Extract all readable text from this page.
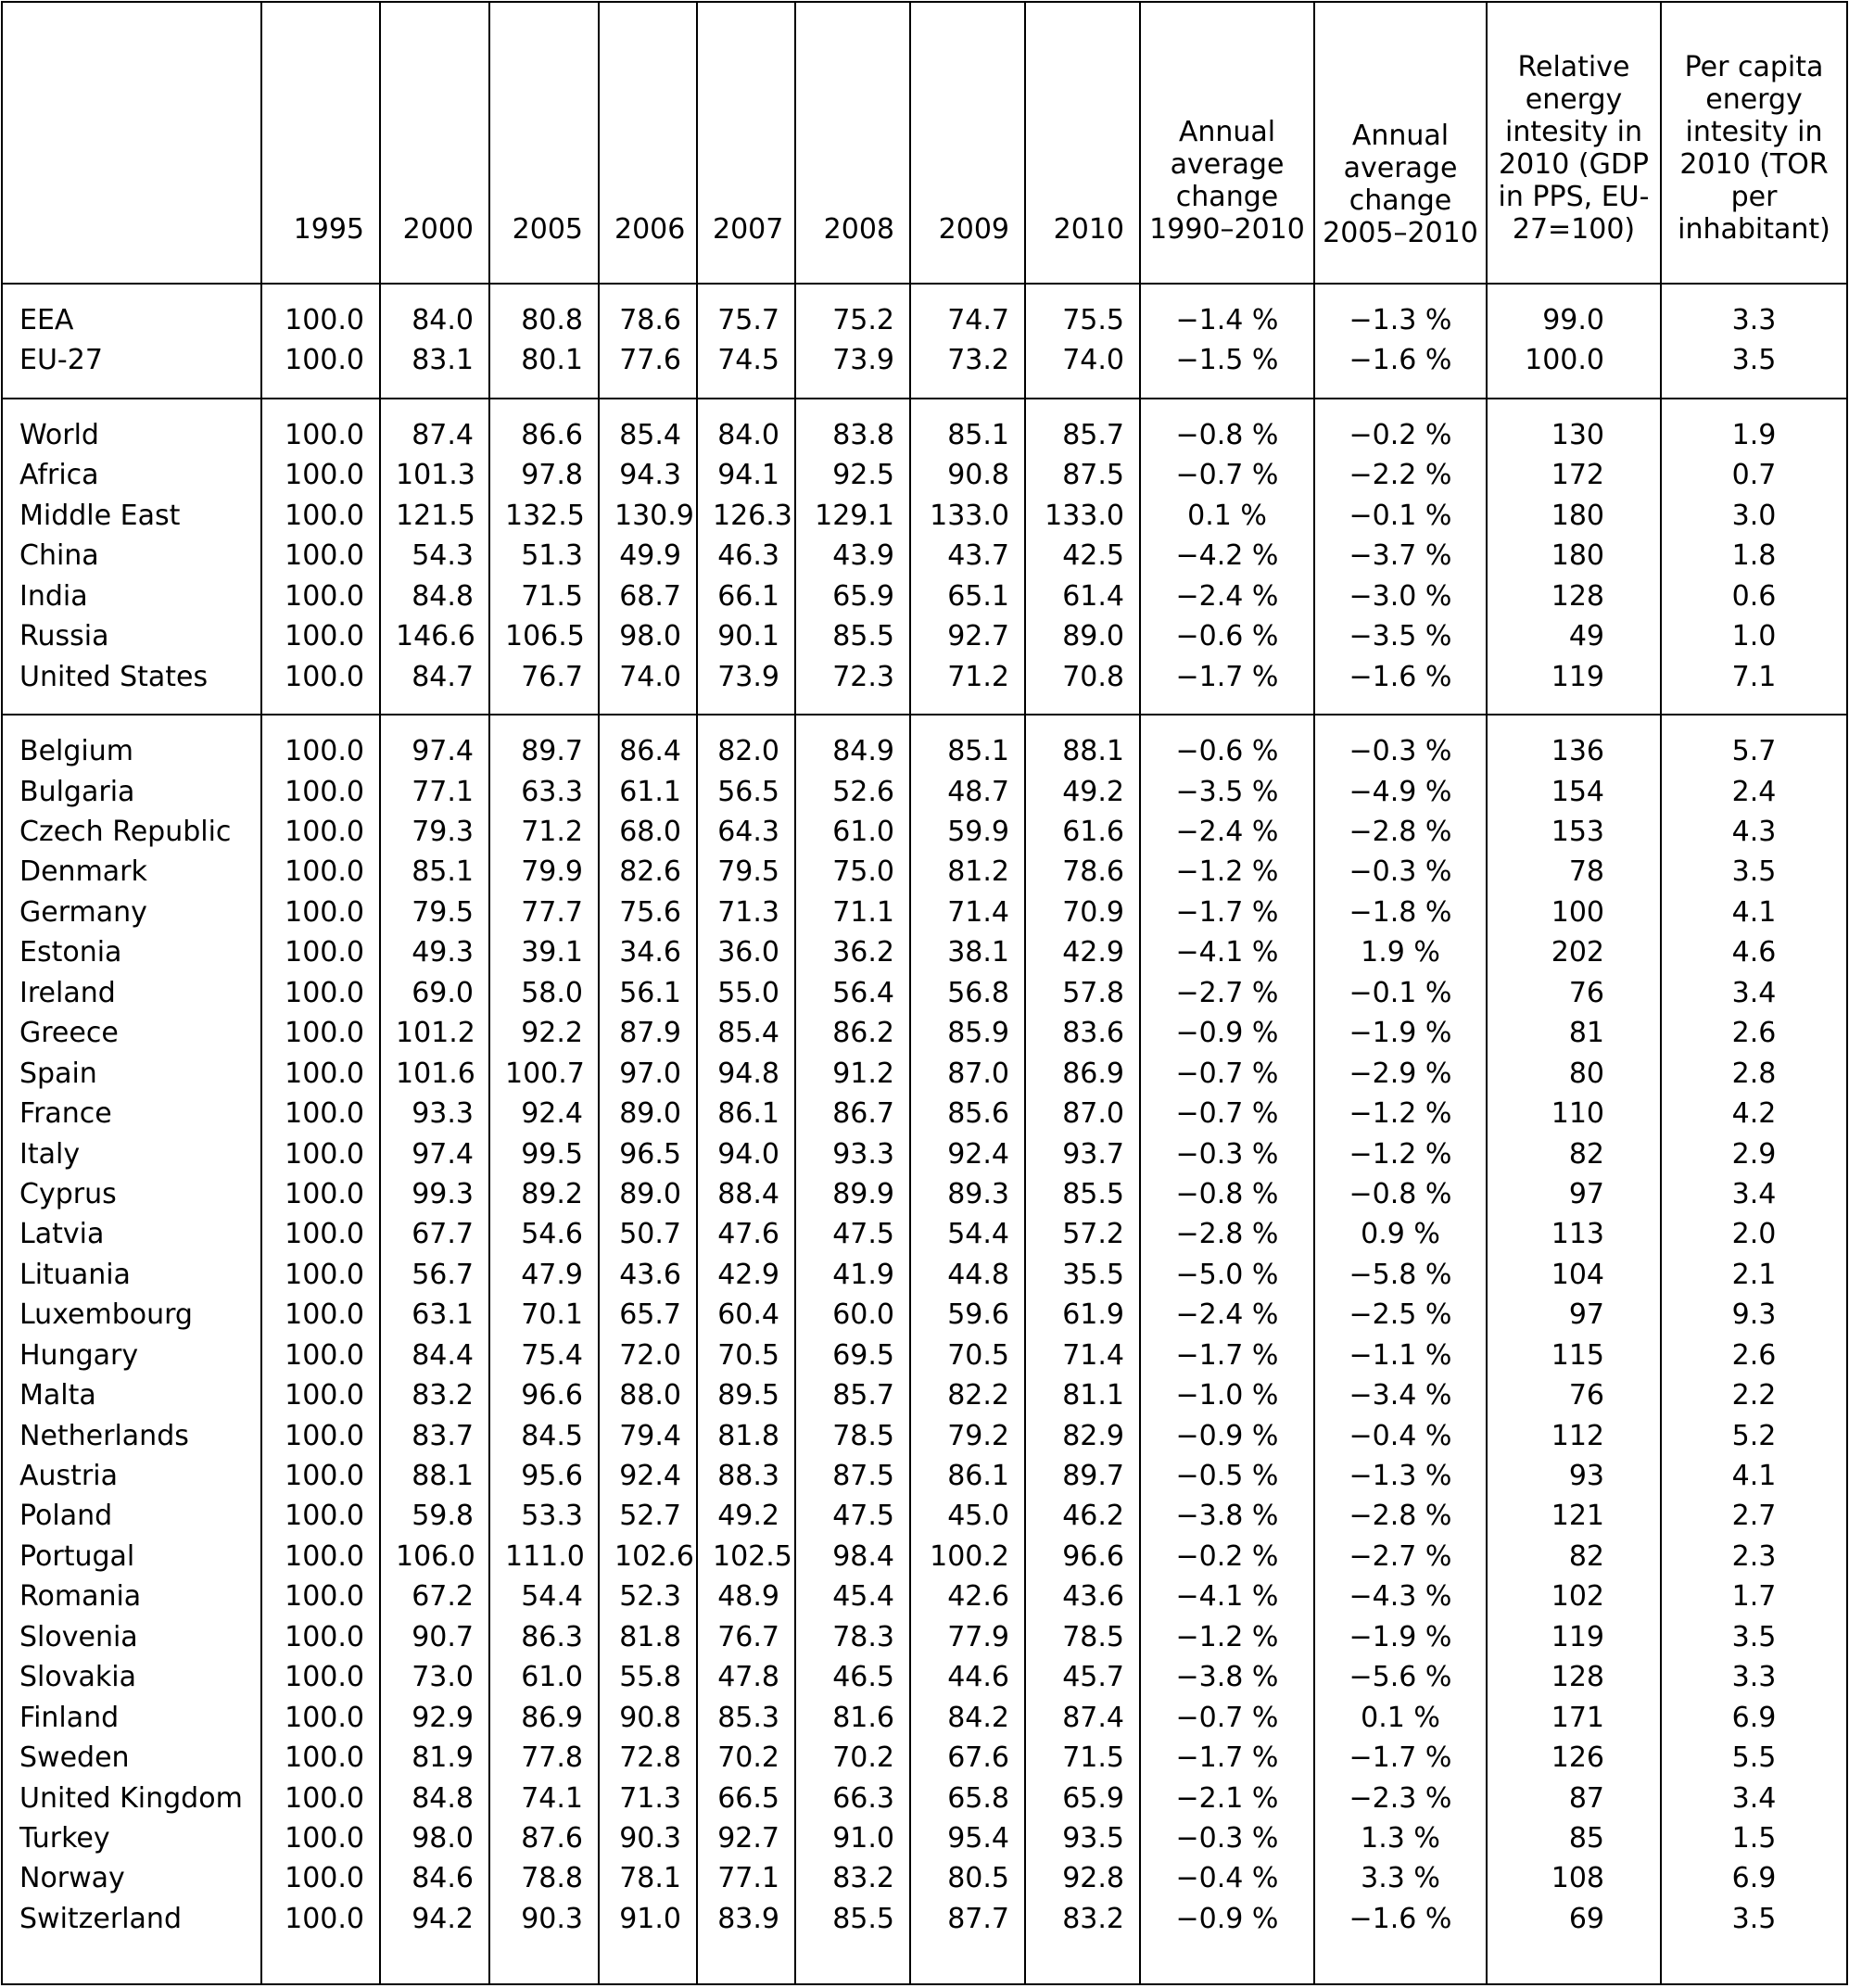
	1995	2000	2005	2006	2007	2008	2009	2010	Annual average change 1990–2010	Annual average change 2005–2010	Relative energy intesity in 2010 (GDP in PPS, EU-27=100)	Per capita energy intesity in 2010 (TOR per inhabitant)

EEA	100.0	84.0	80.8	78.6	75.7	75.2	74.7	75.5	−1.4 %	−1.3 %	99.0	3.3
EU-27	100.0	83.1	80.1	77.6	74.5	73.9	73.2	74.0	−1.5 %	−1.6 %	100.0	3.5

World	100.0	87.4	86.6	85.4	84.0	83.8	85.1	85.7	−0.8 %	−0.2 %	130	1.9
Africa	100.0	101.3	97.8	94.3	94.1	92.5	90.8	87.5	−0.7 %	−2.2 %	172	0.7
Middle East	100.0	121.5	132.5	130.9	126.3	129.1	133.0	133.0	0.1 %	−0.1 %	180	3.0
China	100.0	54.3	51.3	49.9	46.3	43.9	43.7	42.5	−4.2 %	−3.7 %	180	1.8
India	100.0	84.8	71.5	68.7	66.1	65.9	65.1	61.4	−2.4 %	−3.0 %	128	0.6
Russia	100.0	146.6	106.5	98.0	90.1	85.5	92.7	89.0	−0.6 %	−3.5 %	49	1.0
United States	100.0	84.7	76.7	74.0	73.9	72.3	71.2	70.8	−1.7 %	−1.6 %	119	7.1

Belgium	100.0	97.4	89.7	86.4	82.0	84.9	85.1	88.1	−0.6 %	−0.3 %	136	5.7
Bulgaria	100.0	77.1	63.3	61.1	56.5	52.6	48.7	49.2	−3.5 %	−4.9 %	154	2.4
Czech Republic	100.0	79.3	71.2	68.0	64.3	61.0	59.9	61.6	−2.4 %	−2.8 %	153	4.3
Denmark	100.0	85.1	79.9	82.6	79.5	75.0	81.2	78.6	−1.2 %	−0.3 %	78	3.5
Germany	100.0	79.5	77.7	75.6	71.3	71.1	71.4	70.9	−1.7 %	−1.8 %	100	4.1
Estonia	100.0	49.3	39.1	34.6	36.0	36.2	38.1	42.9	−4.1 %	1.9 %	202	4.6
Ireland	100.0	69.0	58.0	56.1	55.0	56.4	56.8	57.8	−2.7 %	−0.1 %	76	3.4
Greece	100.0	101.2	92.2	87.9	85.4	86.2	85.9	83.6	−0.9 %	−1.9 %	81	2.6
Spain	100.0	101.6	100.7	97.0	94.8	91.2	87.0	86.9	−0.7 %	−2.9 %	80	2.8
France	100.0	93.3	92.4	89.0	86.1	86.7	85.6	87.0	−0.7 %	−1.2 %	110	4.2
Italy	100.0	97.4	99.5	96.5	94.0	93.3	92.4	93.7	−0.3 %	−1.2 %	82	2.9
Cyprus	100.0	99.3	89.2	89.0	88.4	89.9	89.3	85.5	−0.8 %	−0.8 %	97	3.4
Latvia	100.0	67.7	54.6	50.7	47.6	47.5	54.4	57.2	−2.8 %	0.9 %	113	2.0
Lituania	100.0	56.7	47.9	43.6	42.9	41.9	44.8	35.5	−5.0 %	−5.8 %	104	2.1
Luxembourg	100.0	63.1	70.1	65.7	60.4	60.0	59.6	61.9	−2.4 %	−2.5 %	97	9.3
Hungary	100.0	84.4	75.4	72.0	70.5	69.5	70.5	71.4	−1.7 %	−1.1 %	115	2.6
Malta	100.0	83.2	96.6	88.0	89.5	85.7	82.2	81.1	−1.0 %	−3.4 %	76	2.2
Netherlands	100.0	83.7	84.5	79.4	81.8	78.5	79.2	82.9	−0.9 %	−0.4 %	112	5.2
Austria	100.0	88.1	95.6	92.4	88.3	87.5	86.1	89.7	−0.5 %	−1.3 %	93	4.1
Poland	100.0	59.8	53.3	52.7	49.2	47.5	45.0	46.2	−3.8 %	−2.8 %	121	2.7
Portugal	100.0	106.0	111.0	102.6	102.5	98.4	100.2	96.6	−0.2 %	−2.7 %	82	2.3
Romania	100.0	67.2	54.4	52.3	48.9	45.4	42.6	43.6	−4.1 %	−4.3 %	102	1.7
Slovenia	100.0	90.7	86.3	81.8	76.7	78.3	77.9	78.5	−1.2 %	−1.9 %	119	3.5
Slovakia	100.0	73.0	61.0	55.8	47.8	46.5	44.6	45.7	−3.8 %	−5.6 %	128	3.3
Finland	100.0	92.9	86.9	90.8	85.3	81.6	84.2	87.4	−0.7 %	0.1 %	171	6.9
Sweden	100.0	81.9	77.8	72.8	70.2	70.2	67.6	71.5	−1.7 %	−1.7 %	126	5.5
United Kingdom	100.0	84.8	74.1	71.3	66.5	66.3	65.8	65.9	−2.1 %	−2.3 %	87	3.4
Turkey	100.0	98.0	87.6	90.3	92.7	91.0	95.4	93.5	−0.3 %	1.3 %	85	1.5
Norway	100.0	84.6	78.8	78.1	77.1	83.2	80.5	92.8	−0.4 %	3.3 %	108	6.9
Switzerland	100.0	94.2	90.3	91.0	83.9	85.5	87.7	83.2	−0.9 %	−1.6 %	69	3.5
